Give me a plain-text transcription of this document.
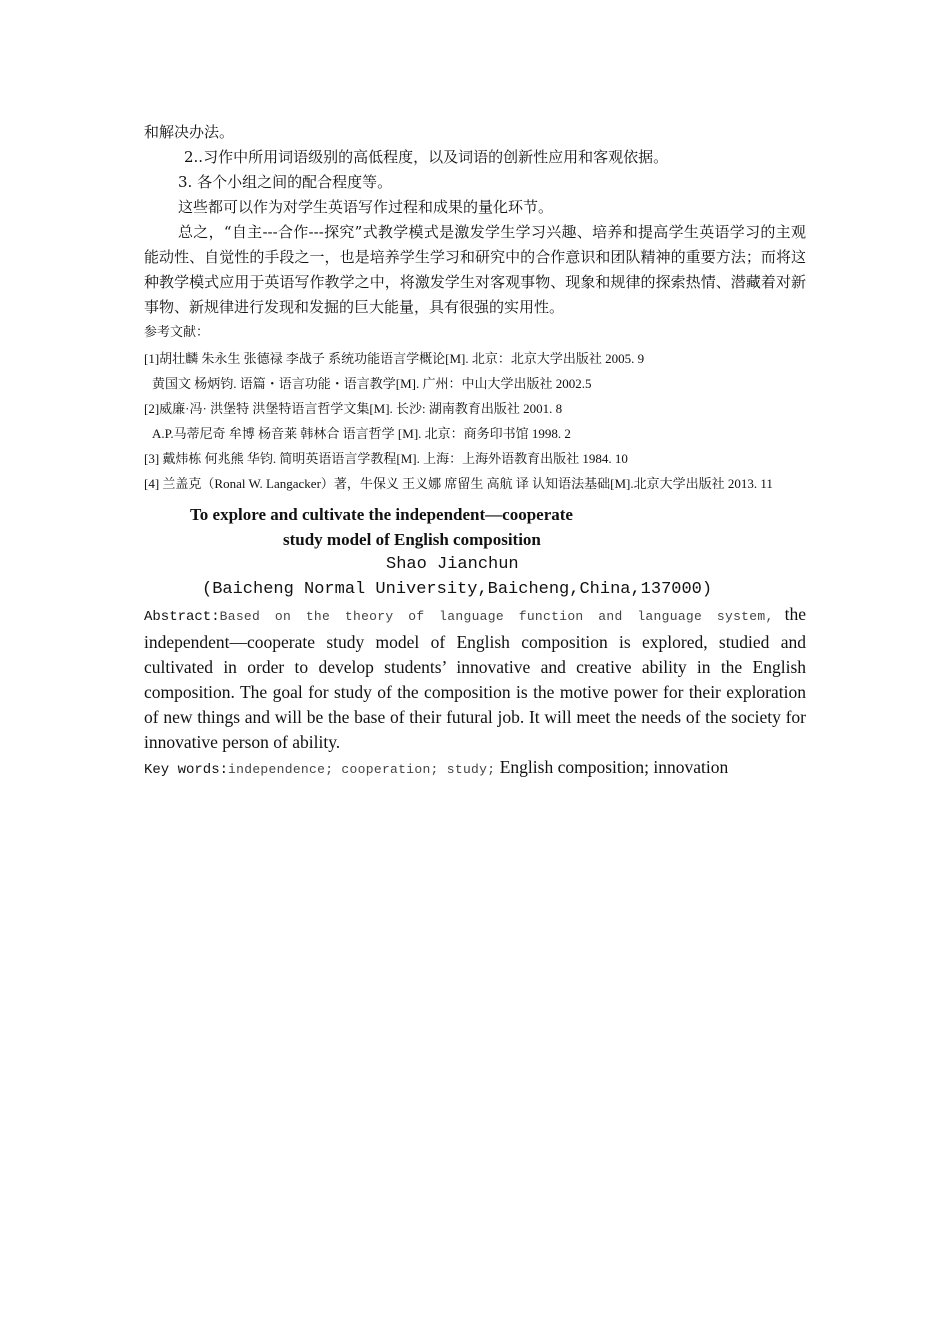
和解决办法。

2..习作中所用词语级别的高低程度，以及词语的创新性应用和客观依据。

3. 各个小组之间的配合程度等。

这些都可以作为对学生英语写作过程和成果的量化环节。

总之，“自主---合作---探究”式教学模式是激发学生学习兴趣、培养和提高学生英语学习的主观能动性、自觉性的手段之一，也是培养学生学习和研究中的合作意识和团队精神的重要方法；而将这种教学模式应用于英语写作教学之中，将激发学生对客观事物、现象和规律的探索热情、潜藏着对新事物、新规律进行发现和发掘的巨大能量，具有很强的实用性。

参考文献：

[1]胡壮麟 朱永生 张德禄 李战子 系统功能语言学概论[M]. 北京：北京大学出版社 2005. 9

黄国文 杨炳钧. 语篇・语言功能・语言教学[M]. 广州：中山大学出版社 2002.5

[2]威廉·冯· 洪堡特 洪堡特语言哲学文集[M]. 长沙: 湖南教育出版社 2001. 8

A.P.马蒂尼奇 牟博 杨音莱 韩林合 语言哲学 [M]. 北京：商务印书馆 1998. 2

[3] 戴炜栋 何兆熊 华钧. 简明英语语言学教程[M]. 上海：上海外语教育出版社 1984. 10

[4] 兰盖克（Ronal W. Langacker）著，牛保义 王义娜 席留生 高航 译 认知语法基础[M].北京大学出版社 2013. 11

To explore and cultivate the independent—cooperate

study model of English composition

Shao Jianchun

(Baicheng Normal University,Baicheng,China,137000)

Abstract:Based on the theory of language function and language system, the independent—cooperate study model of English composition is explored, studied and cultivated in order to develop students’ innovative and creative ability in the English composition. The goal for study of the composition is the motive power for their exploration of new things and will be the base of their futural job. It will meet the needs of the society for innovative person of ability.

Key words:independence; cooperation; study; English composition; innovation
